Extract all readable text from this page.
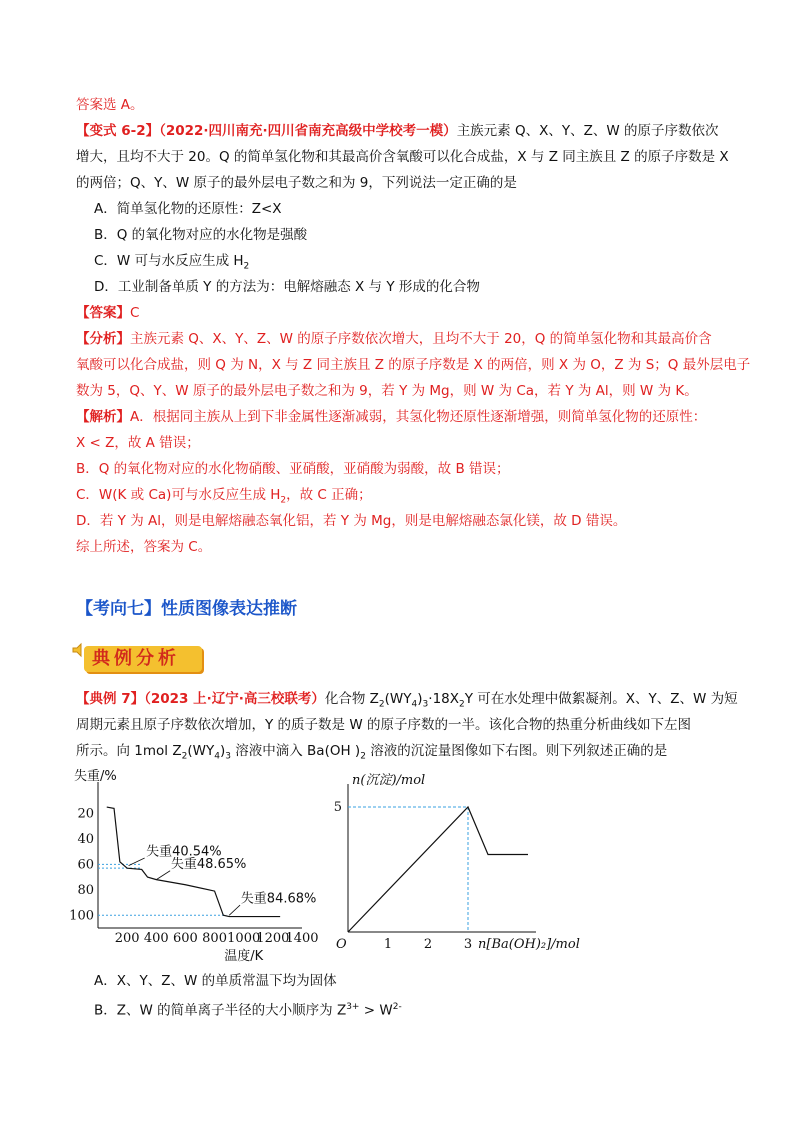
答案选 A。
【变式 6-2】（2022·四川南充·四川省南充高级中学校考一模）主族元素 Q、X、Y、Z、W 的原子序数依次
增大，且均不大于 20。Q 的简单氢化物和其最高价含氧酸可以化合成盐，X 与 Z 同主族且 Z 的原子序数是 X
的两倍；Q、Y、W 原子的最外层电子数之和为 9，下列说法一定正确的是
A．简单氢化物的还原性：Z<X
B．Q 的氧化物对应的水化物是强酸
C．W 可与水反应生成 $H_2$
D．工业制备单质 Y 的方法为：电解熔融态 X 与 Y 形成的化合物
【答案】C
【分析】主族元素 Q、X、Y、Z、W 的原子序数依次增大，且均不大于 20，Q 的简单氢化物和其最高价含
氧酸可以化合成盐，则 Q 为 N，X 与 Z 同主族且 Z 的原子序数是 X 的两倍，则 X 为 O，Z 为 S；Q 最外层电子
数为 5，Q、Y、W 原子的最外层电子数之和为 9，若 Y 为 Mg，则 W 为 Ca，若 Y 为 Al，则 W 为 K。
【解析】A．根据同主族从上到下非金属性逐渐减弱，其氢化物还原性逐渐增强，则简单氢化物的还原性：
X < Z，故 A 错误；
B．Q 的氧化物对应的水化物硝酸、亚硝酸，亚硝酸为弱酸，故 B 错误；
C．W(K 或 Ca)可与水反应生成 $H_2$，故 C 正确；
D．若 Y 为 Al，则是电解熔融态氧化铝，若 Y 为 Mg，则是电解熔融态氯化镁，故 D 错误。
综上所述，答案为 C。
【考向七】性质图像表达推断
典例分析
【典例 7】（2023 上·辽宁·高三校联考）化合物 $Z_2(WY_4)_3\cdot 18X_2Y$ 可在水处理中做絮凝剂。X、Y、Z、W 为短
周期元素且原子序数依次增加，Y 的质子数是 W 的原子序数的一半。该化合物的热重分析曲线如下左图
所示。向 1mol $Z_2(WY_4)_3$ 溶液中滴入 Ba(OH )$_2$ 溶液的沉淀量图像如下右图。则下列叙述正确的是
失重/%
20
40
60
80
100
200 400 600 800 1000
1200
1400
温度/K
失重40.54%
失重48.65%
失重84.68%
n(沉淀)/mol
O
5
1 2 3 n[Ba(OH)₂]/mol
A．X、Y、Z、W 的单质常温下均为固体
B．Z、W 的简单离子半径的大小顺序为 $Z^{3+} > W^{2-}$
